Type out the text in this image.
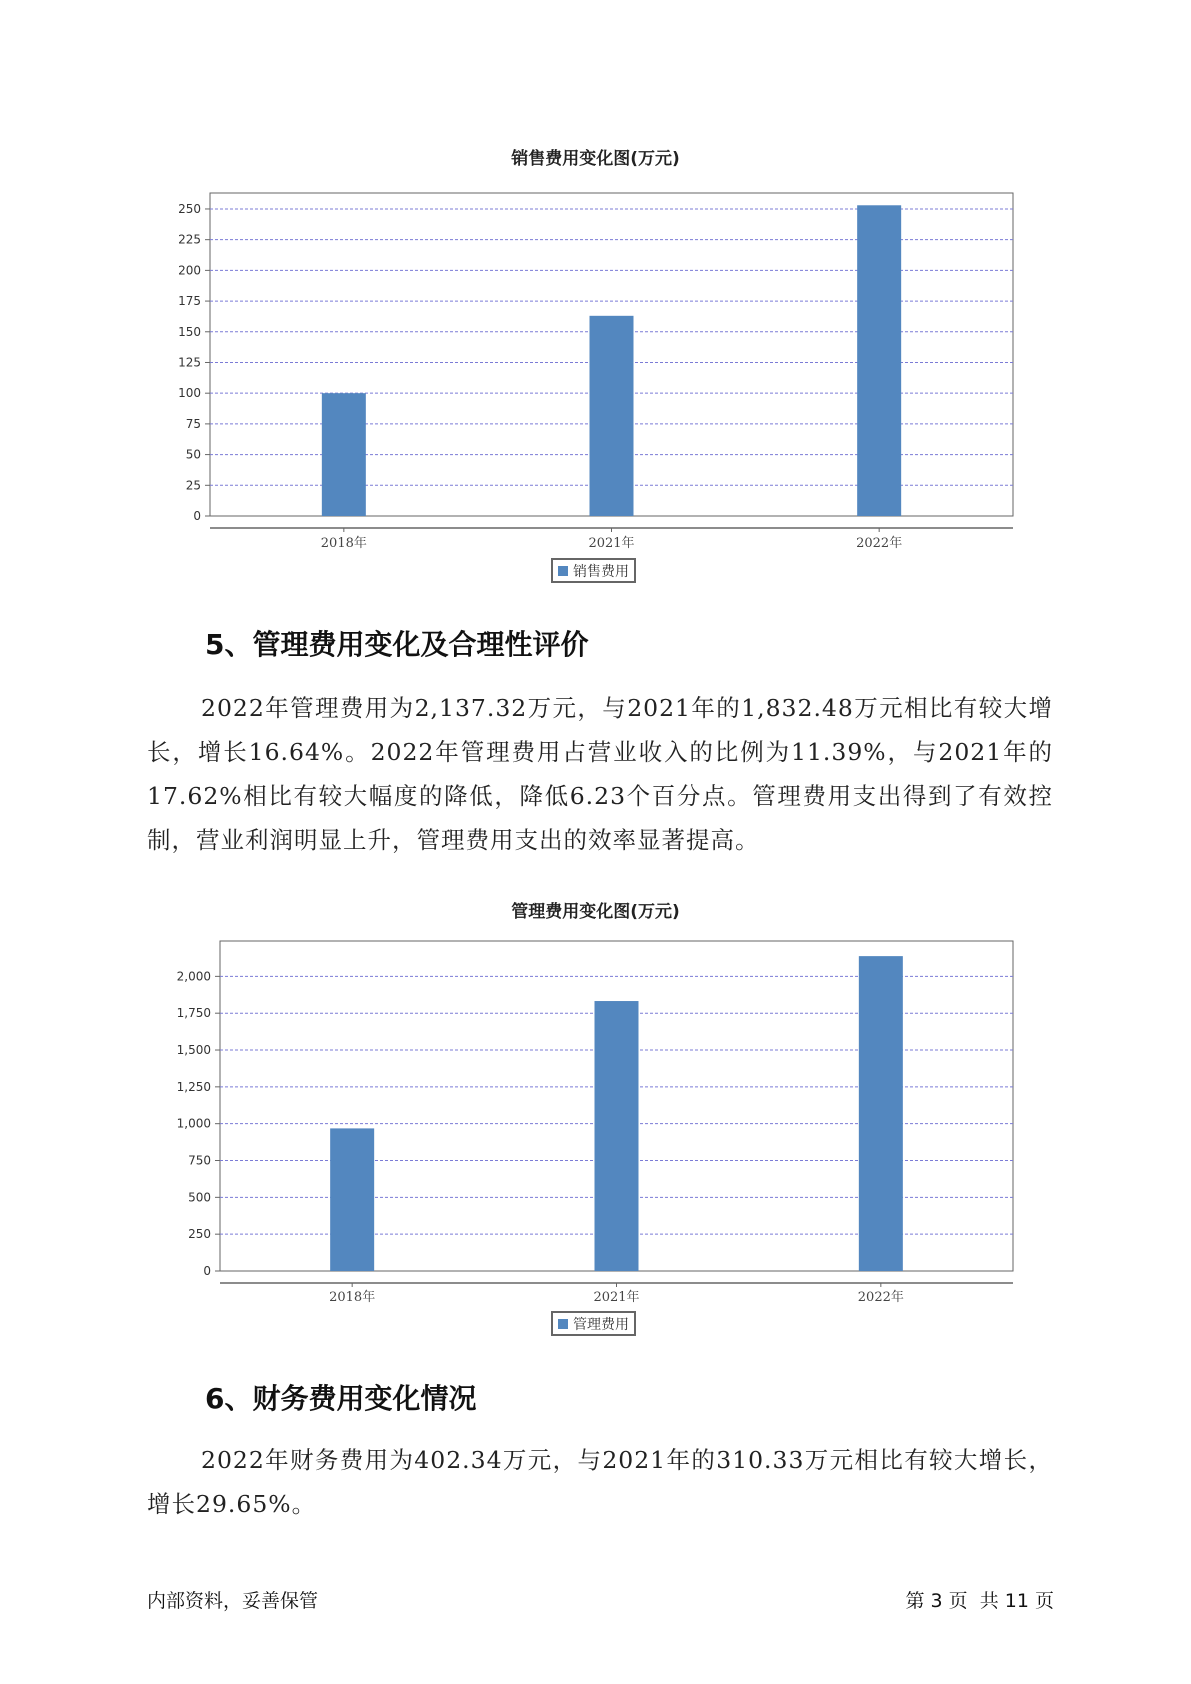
销售费用变化图(万元)
0
25
50
75
100
125
150
175
200
225
250
2018年	2021年	2022年
销售费用
5、管理费用变化及合理性评价

2022年管理费用为2,137.32万元，与2021年的1,832.48万元相比有较大增长，增长16.64%。2022年管理费用占营业收入的比例为11.39%，与2021年的17.62%相比有较大幅度的降低，降低6.23个百分点。管理费用支出得到了有效控制，营业利润明显上升，管理费用支出的效率显著提高。

管理费用变化图(万元)
0
250
500
750
1,000
1,250
1,500
1,750
2,000
2018年	2021年	2022年
管理费用
6、财务费用变化情况

2022年财务费用为402.34万元，与2021年的310.33万元相比有较大增长，增长29.65%。

内部资料，妥善保管	第 3 页  共 11 页
